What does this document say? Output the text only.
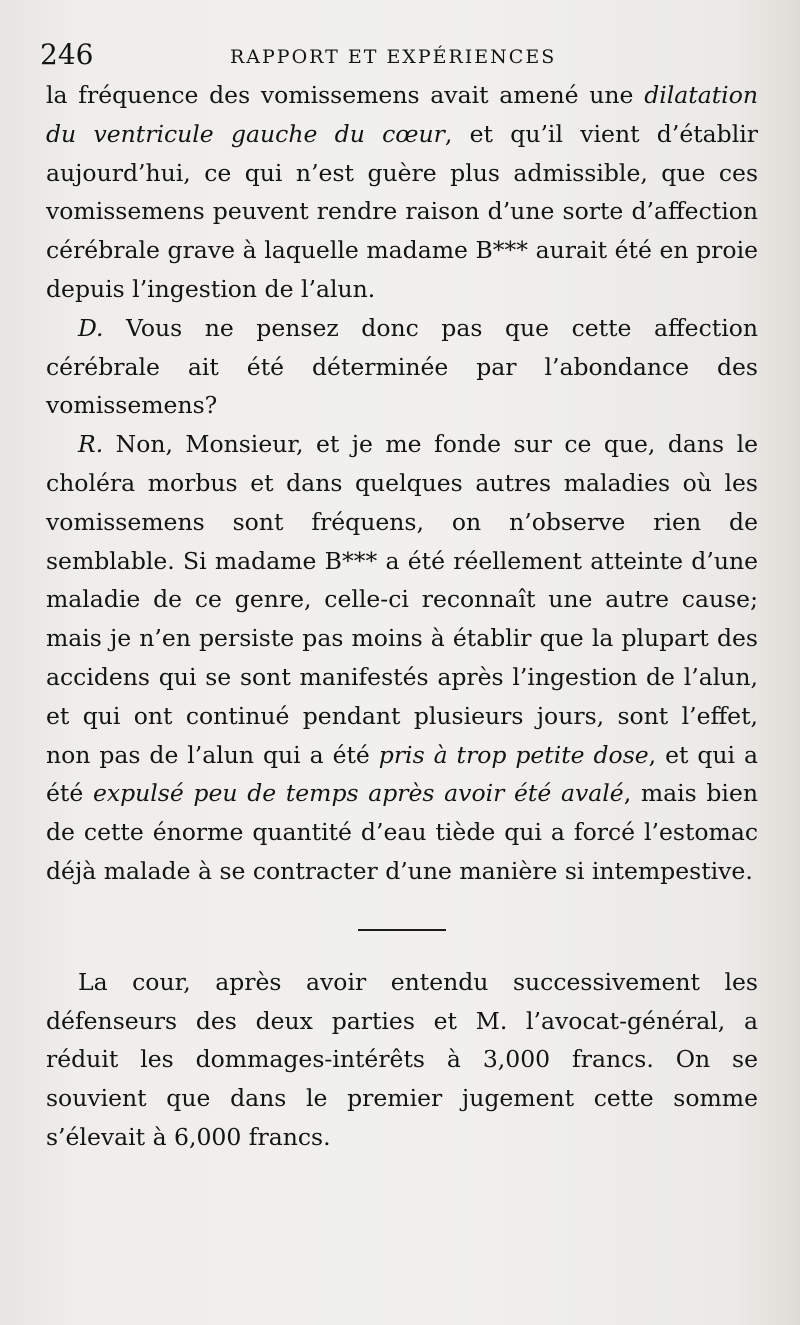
246	RAPPORT ET EXPÉRIENCES

la fréquence des vomissemens avait amené une dilatation du ventricule gauche du cœur, et qu’il vient d’établir aujourd’hui, ce qui n’est guère plus admissible, que ces vomissemens peuvent rendre raison d’une sorte d’affection cérébrale grave à laquelle madame B*** aurait été en proie depuis l’ingestion de l’alun.

D. Vous ne pensez donc pas que cette affection cérébrale ait été déterminée par l’abondance des vomissemens?

R. Non, Monsieur, et je me fonde sur ce que, dans le choléra morbus et dans quelques autres maladies où les vomissemens sont fréquens, on n’observe rien de semblable. Si madame B*** a été réellement atteinte d’une maladie de ce genre, celle-ci reconnaît une autre cause; mais je n’en persiste pas moins à établir que la plupart des accidens qui se sont manifestés après l’ingestion de l’alun, et qui ont continué pendant plusieurs jours, sont l’effet, non pas de l’alun qui a été pris à trop petite dose, et qui a été expulsé peu de temps après avoir été avalé, mais bien de cette énorme quantité d’eau tiède qui a forcé l’estomac déjà malade à se contracter d’une manière si intempestive.

La cour, après avoir entendu successivement les défenseurs des deux parties et M. l’avocat-général, a réduit les dommages-intérêts à 3,000 francs. On se souvient que dans le premier jugement cette somme s’élevait à 6,000 francs.
